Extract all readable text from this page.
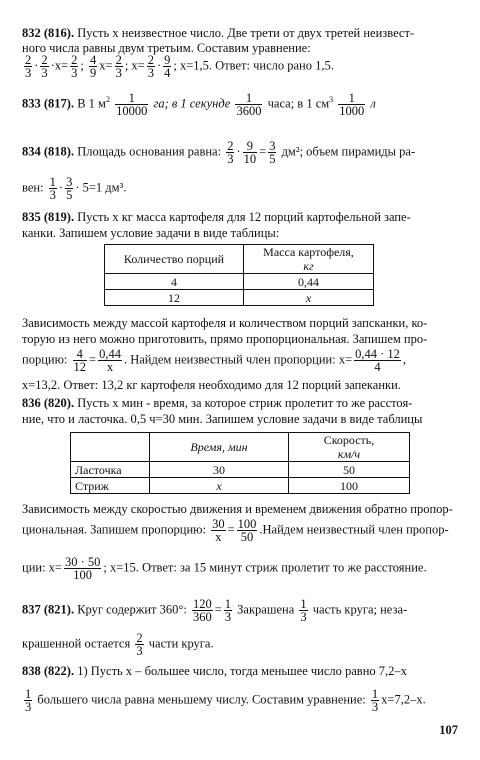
832 (816). Пусть x неизвестное число. Две трети от двух третей неизвест-
ного числа равны двум третьим. Составим уравнение:
$\frac{2}{3} \cdot \frac{2}{3} \cdot x= \frac{2}{3}$ ; $\frac{4}{9} x= \frac{2}{3}$ ; $x= \frac{2}{3} \cdot \frac{9}{4}$ ; x=1,5. Ответ: число рано 1,5.
833 (817). В 1 $м^2 \frac{1}{10000}$ га; в 1 секунде $\frac{1}{3600}$ часа; в 1 $см^3 \frac{1}{1000}$ л
834 (818). Площадь основания равна: $\frac{2}{3} \cdot \frac{9}{10} = \frac{3}{5} дм^2$; объем пирамиды ра-
вен: $\frac{1}{3} \cdot \frac{3}{5} \cdot 5=1$ дм³.
835 (819). Пусть x кг масса картофеля для 12 порций картофельной запе-
канки. Запишем условие задачи в виде таблицы:
Количество порций	Масса картофеля,
кг
4	0,44
12	x
Зависимость между массой картофеля и количеством порций запсканки, ко-
торую из него можно приготовить, прямо пропорциональная. Запишем про-
порцию: $\frac{4}{12} = \frac{0,44}{x}$ . Найдем неизвестный член пропорции: $x= \frac{0,44 \cdot 12}{4}$ ,
x=13,2. Ответ: 13,2 кг картофеля необходимо для 12 порций запеканки.
836 (820). Пусть x мин - время, за которое стриж пролетит то же расстоя-
ние, что и ласточка. 0,5 ч=30 мин. Запишем условие задачи в виде таблицы
	Время, мин	Скорость,
км/ч
Ласточка	30	50
Стриж	x	100
Зависимость между скоростью движения и временем движения обратно пропор-
циональная. Запишем пропорцию: $\frac{30}{x} = \frac{100}{50}$ .Найдем неизвестный член пропор-
ции: $x= \frac{30 \cdot 50}{100}$ ; x=15. Ответ: за 15 минут стриж пролетит то же расстояние.
837 (821). Круг содержит 360°: $\frac{120}{360} = \frac{1}{3}$ Закрашена $\frac{1}{3}$ часть круга; неза-
крашенной остается $\frac{2}{3}$ части круга.
838 (822). 1) Пусть x – большее число, тогда меньшее число равно 7,2–x
$\frac{1}{3}$ большего числа равна меньшему числу. Составим уравнение: $\frac{1}{3} x=7,2-x$.
107
